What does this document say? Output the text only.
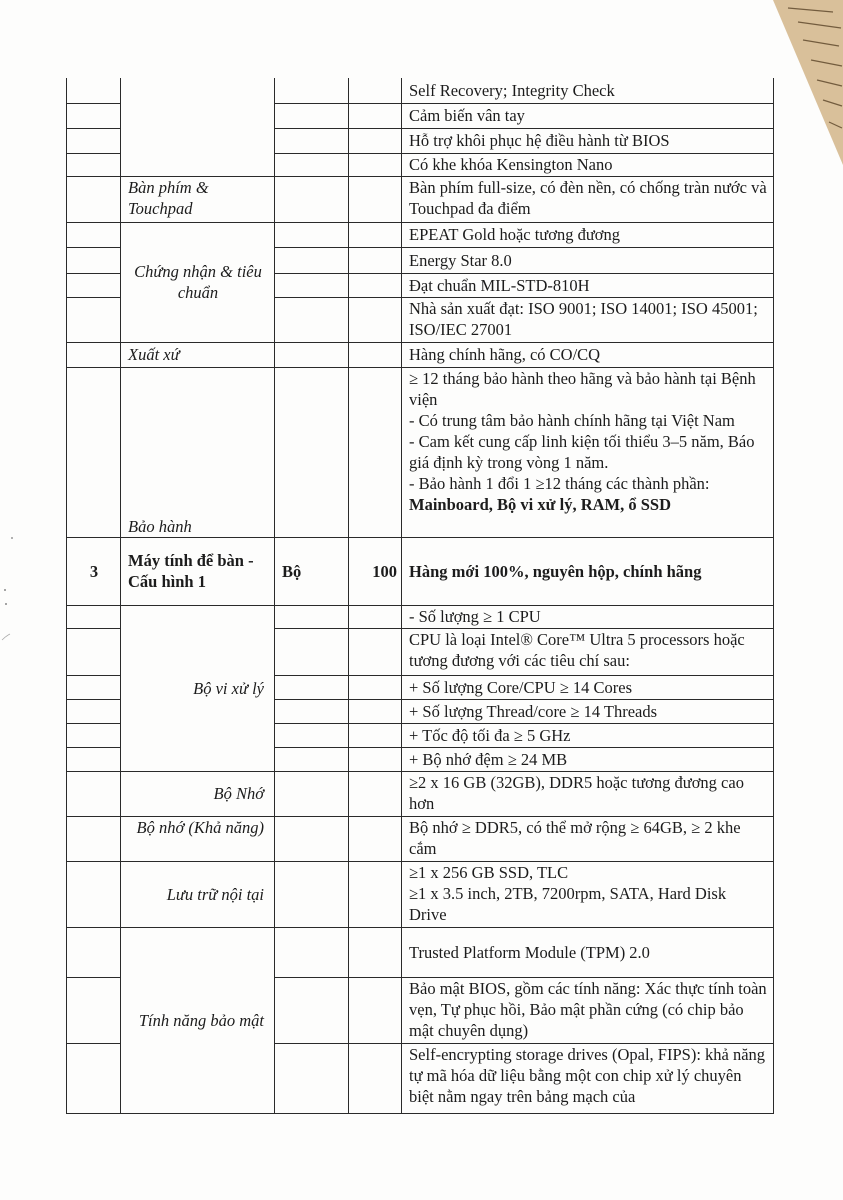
				Self Recovery; Integrity Check
				Cảm biến vân tay
				Hỗ trợ khôi phục hệ điều hành từ BIOS
				Có khe khóa Kensington Nano
	Bàn phím & Touchpad			Bàn phím full-size, có đèn nền, có chống tràn nước và Touchpad đa điểm
	Chứng nhận & tiêu chuẩn			EPEAT Gold hoặc tương đương
				Energy Star 8.0
				Đạt chuẩn MIL-STD-810H
				Nhà sản xuất đạt: ISO 9001; ISO 14001; ISO 45001; ISO/IEC 27001
	Xuất xứ			Hàng chính hãng, có CO/CQ
	Bảo hành			≥ 12 tháng bảo hành theo hãng và bảo hành tại Bệnh viện
- Có trung tâm bảo hành chính hãng tại Việt Nam
- Cam kết cung cấp linh kiện tối thiểu 3–5 năm, Báo giá định kỳ trong vòng 1 năm.
- Bảo hành 1 đổi 1 ≥12 tháng các thành phần:
Mainboard, Bộ vi xử lý, RAM, ổ SSD

3	Máy tính để bàn - Cấu hình 1	Bộ	100	Hàng mới 100%, nguyên hộp, chính hãng
	Bộ vi xử lý			- Số lượng ≥ 1 CPU
				CPU là loại Intel® Core™ Ultra 5 processors hoặc tương đương với các tiêu chí sau:
				+ Số lượng Core/CPU ≥ 14 Cores
				+ Số lượng Thread/core ≥ 14 Threads
				+ Tốc độ tối đa ≥ 5 GHz
				+ Bộ nhớ đệm ≥ 24 MB
	Bộ Nhớ			≥2 x 16 GB (32GB), DDR5 hoặc tương đương cao hơn
	Bộ nhớ (Khả năng)			Bộ nhớ ≥ DDR5, có thể mở rộng ≥ 64GB, ≥ 2 khe cắm
	Lưu trữ nội tại			≥1 x 256 GB SSD, TLC
≥1 x 3.5 inch, 2TB, 7200rpm, SATA, Hard Disk Drive

	Tính năng bảo mật			Trusted Platform Module (TPM) 2.0
				Bảo mật BIOS, gồm các tính năng: Xác thực tính toàn vẹn, Tự phục hồi, Bảo mật phần cứng (có chip bảo mật chuyên dụng)
				Self-encrypting storage drives (Opal, FIPS): khả năng tự mã hóa dữ liệu bằng một con chip xử lý chuyên biệt nằm ngay trên bảng mạch của
